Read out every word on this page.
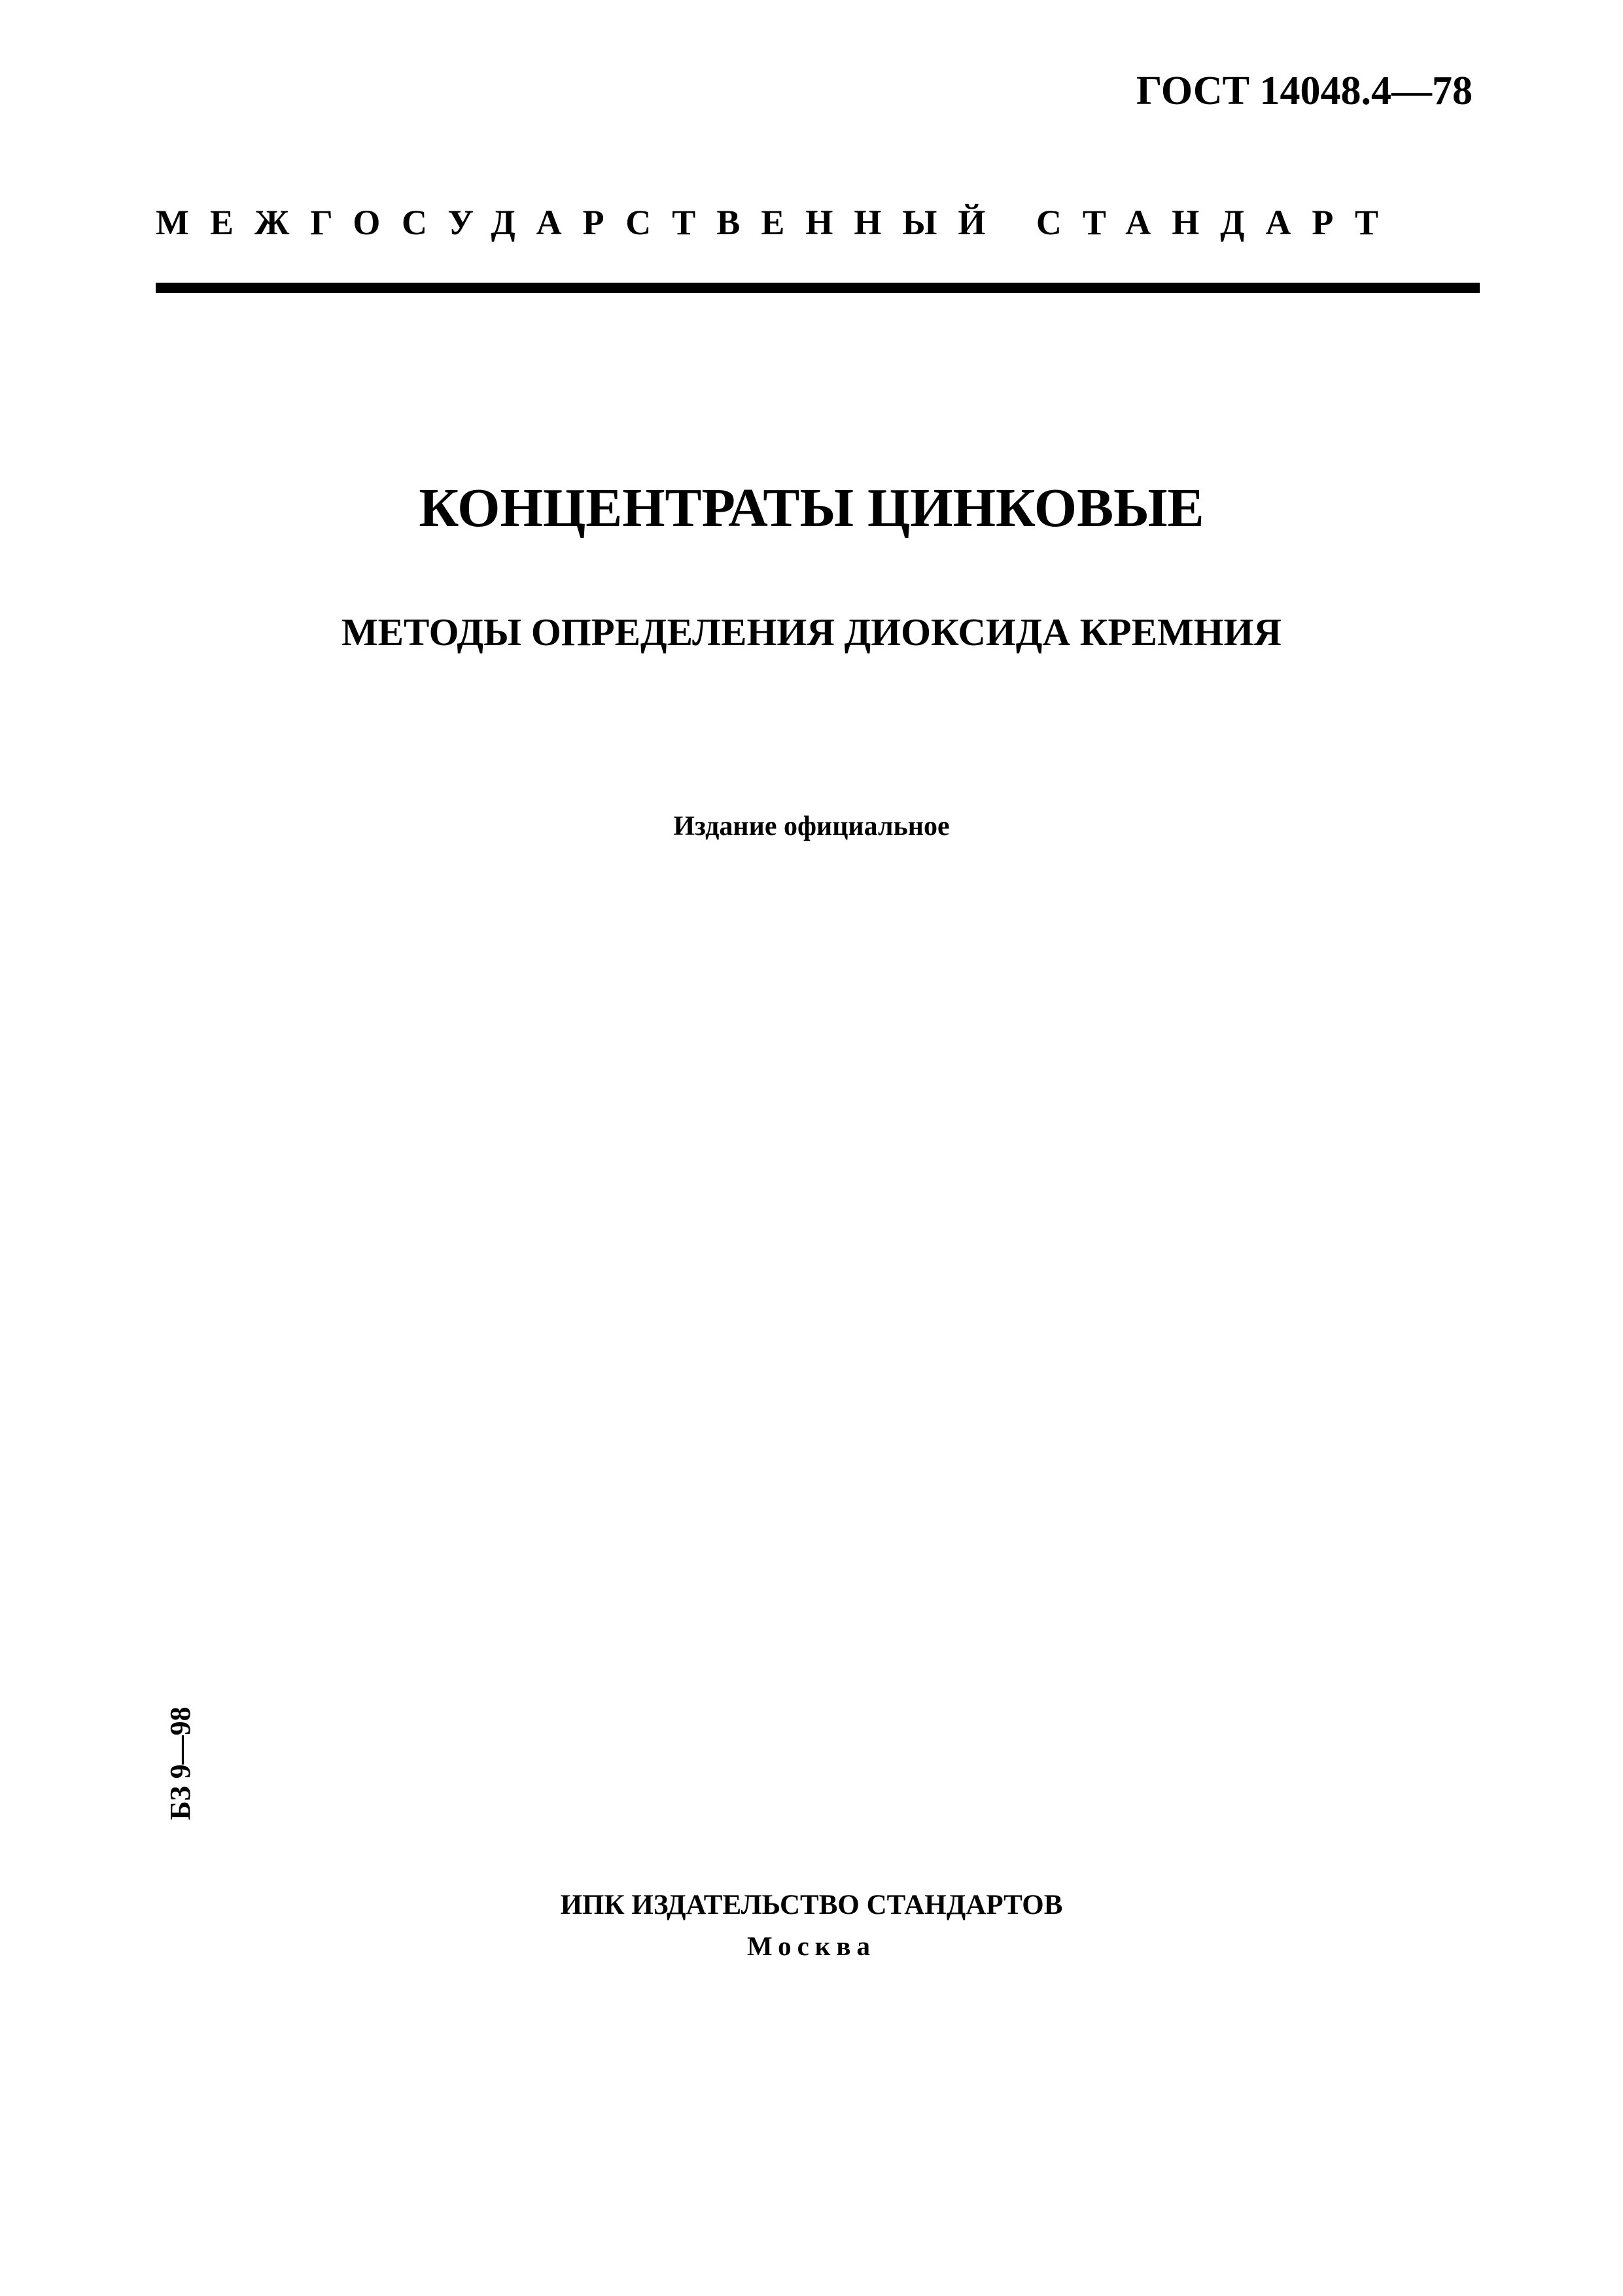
ГОСТ 14048.4—78
МЕЖГОСУДАРСТВЕННЫЙ СТАНДАРТ
КОНЦЕНТРАТЫ ЦИНКОВЫЕ
МЕТОДЫ ОПРЕДЕЛЕНИЯ ДИОКСИДА КРЕМНИЯ
Издание официальное
БЗ 9—98
ИПК ИЗДАТЕЛЬСТВО СТАНДАРТОВ
Москва
